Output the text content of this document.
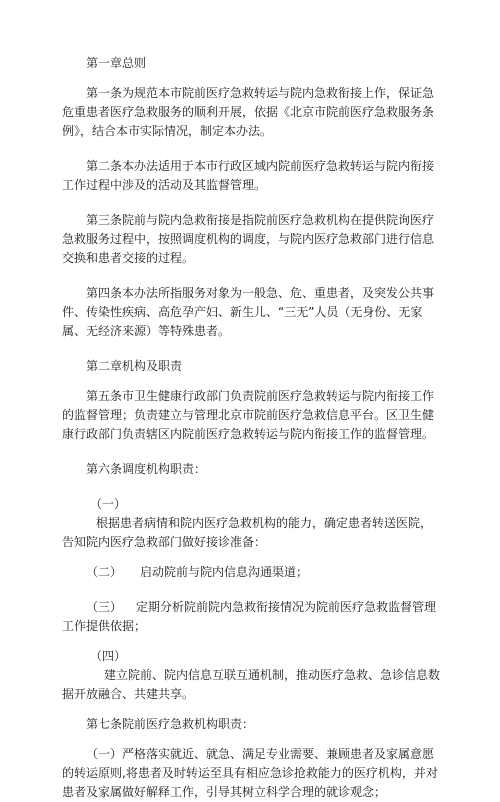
第一章总则

第一条为规范本市院前医疗急救转运与院内急救衔接上作，保证急危重患者医疗急救服务的顺利开展，依据《北京市院前医疗急救服务条例》，结合本市实际情况，制定本办法。

第二条本办法适用于本市行政区域内院前医疗急救转运与院内衔接工作过程中涉及的活动及其监督管理。

第三条院前与院内急救衔接是指院前医疗急救机构在提供院询医疗急救服务过程中，按照调度机构的调度，与院内医疗急救部门进行信息交换和患者交接的过程。

第四条本办法所指服务对象为一般急、危、重患者，及突发公共事件、传染性疾病、高危孕产妇、新生儿、“三无”人员（无身份、无家属、无经济来源）等特殊患者。

第二章机构及职责

第五条市卫生健康行政部门负责院前医疗急救转运与院内衔接工作的监督管理；负责建立与管理北京市院前医疗急救信息平台。区卫生健康行政部门负责辖区内院前医疗急救转运与院内衔接工作的监督管理。

第六条调度机构职责：

（一）

根据患者病情和院内医疗急救机构的能力，确定患者转送医院，告知院内医疗急救部门做好接诊准备：

（二） 启动院前与院内信息沟通渠道；

（三） 定期分析院前院内急救衔接情况为院前医疗急救监督管理工作提供依据；

（四）

建立院前、院内信息互联互通机制，推动医疗急救、急诊信息数据开放融合、共建共享。

第七条院前医疗急救机构职责：

（一）严格落实就近、就急、满足专业需要、兼顾患者及家属意愿的转运原则,将患者及时转运至具有相应急诊抢救能力的医疗机构，并对患者及家属做好解释工作，引导其树立科学合理的就诊观念；
